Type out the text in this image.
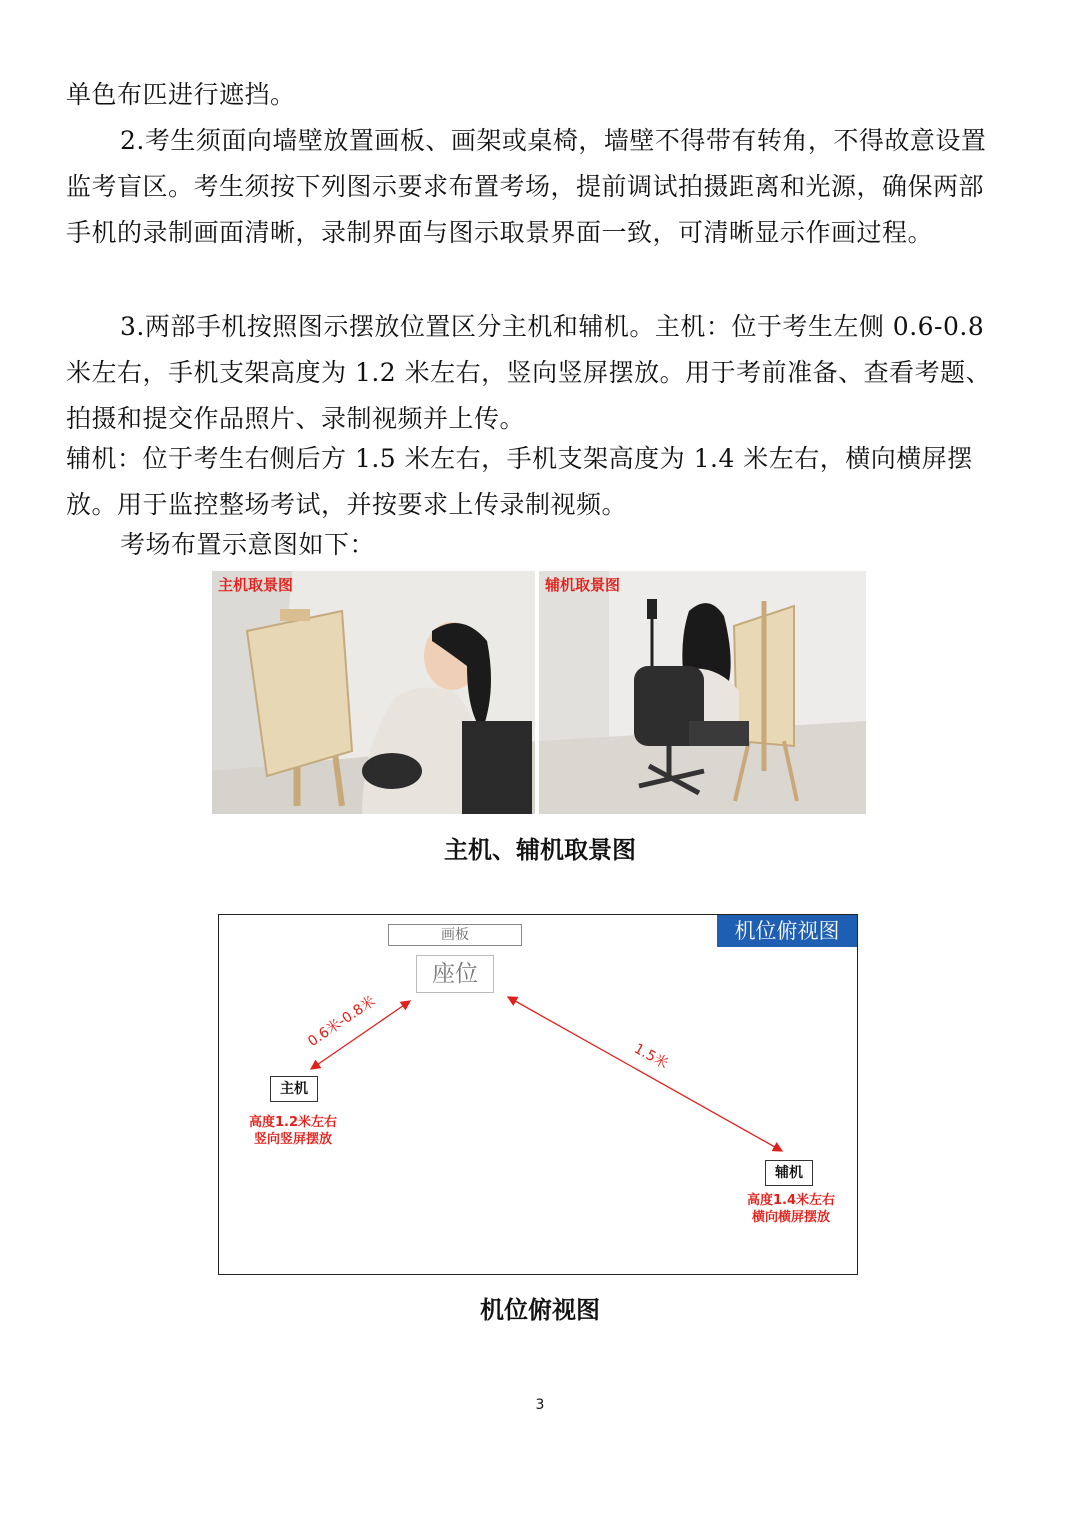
单色布匹进行遮挡。

2.考生须面向墙壁放置画板、画架或桌椅，墙壁不得带有转角，不得故意设置监考盲区。考生须按下列图示要求布置考场，提前调试拍摄距离和光源，确保两部手机的录制画面清晰，录制界面与图示取景界面一致，可清晰显示作画过程。

3.两部手机按照图示摆放位置区分主机和辅机。主机：位于考生左侧 0.6-0.8 米左右，手机支架高度为 1.2 米左右，竖向竖屏摆放。用于考前准备、查看考题、拍摄和提交作品照片、录制视频并上传。

辅机：位于考生右侧后方 1.5 米左右，手机支架高度为 1.4 米左右，横向横屏摆放。用于监控整场考试，并按要求上传录制视频。

考场布置示意图如下：

主机取景图	辅机取景图
主机、辅机取景图
机位俯视图
画板
座位
主机
辅机
0.6米-0.8米
1.5米
高度1.2米左右
竖向竖屏摆放
高度1.4米左右
横向横屏摆放
机位俯视图
3
